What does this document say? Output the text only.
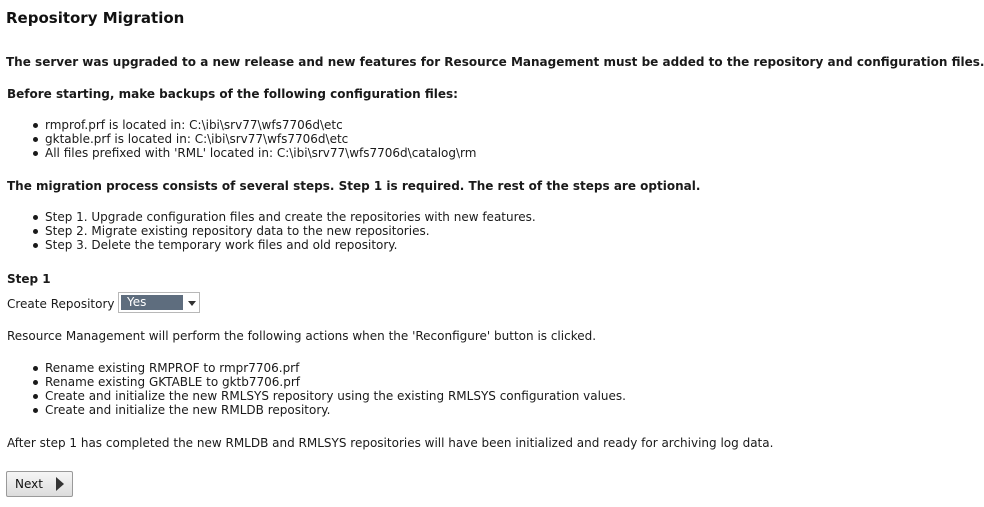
Repository Migration
The server was upgraded to a new release and new features for Resource Management must be added to the repository and configuration files.
Before starting, make backups of the following configuration files:
rmprof.prf is located in: C:\ibi\srv77\wfs7706d\etc
gktable.prf is located in: C:\ibi\srv77\wfs7706d\etc
All files prefixed with 'RML' located in: C:\ibi\srv77\wfs7706d\catalog\rm
The migration process consists of several steps. Step 1 is required. The rest of the steps are optional.
Step 1. Upgrade configuration files and create the repositories with new features.
Step 2. Migrate existing repository data to the new repositories.
Step 3. Delete the temporary work files and old repository.
Step 1
Create Repository	Yes
Resource Management will perform the following actions when the 'Reconfigure' button is clicked.
Rename existing RMPROF to rmpr7706.prf
Rename existing GKTABLE to gktb7706.prf
Create and initialize the new RMLSYS repository using the existing RMLSYS configuration values.
Create and initialize the new RMLDB repository.
After step 1 has completed the new RMLDB and RMLSYS repositories will have been initialized and ready for archiving log data.
Next
